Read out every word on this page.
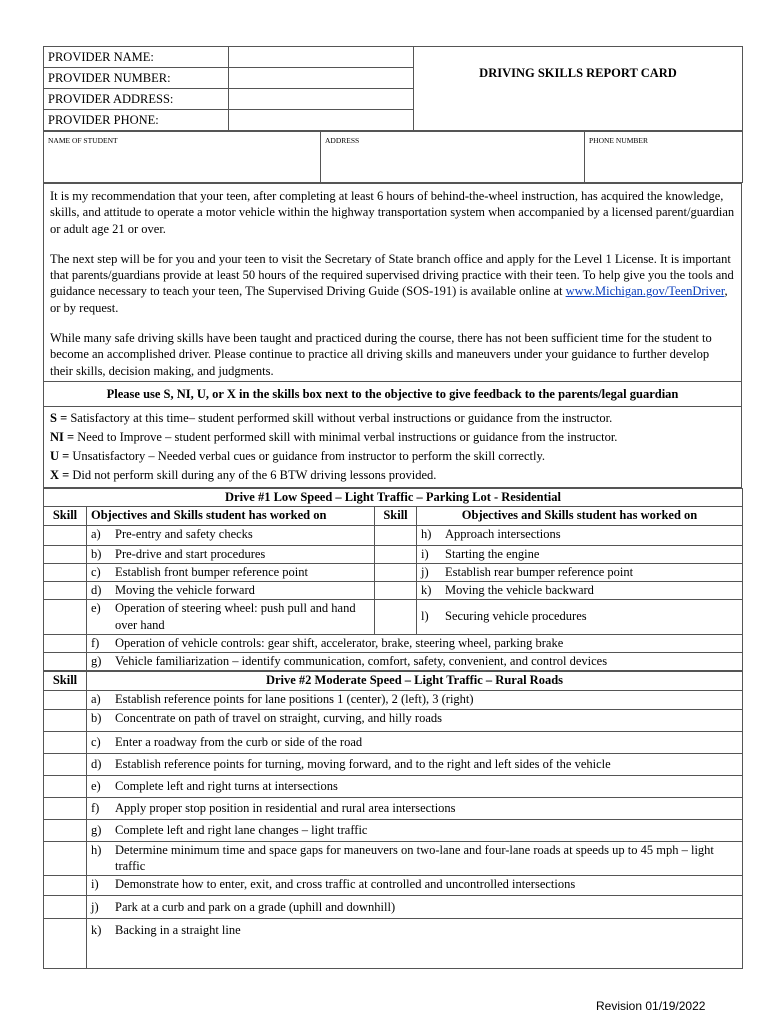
PROVIDER NAME:		DRIVING SKILLS REPORT CARD
PROVIDER NUMBER:		
PROVIDER ADDRESS:		
PROVIDER PHONE:		
NAME OF STUDENT	ADDRESS	PHONE NUMBER

It is my recommendation that your teen, after completing at least 6 hours of behind-the-wheel instruction, has acquired the knowledge, skills, and attitude to operate a motor vehicle within the highway transportation system when accompanied by a licensed parent/guardian or adult age 21 or over.

The next step will be for you and your teen to visit the Secretary of State branch office and apply for the Level 1 License. It is important that parents/guardians provide at least 50 hours of the required supervised driving practice with their teen. To help give you the tools and guidance necessary to teach your teen, The Supervised Driving Guide (SOS-191) is available online at www.Michigan.gov/TeenDriver, or by request.

While many safe driving skills have been taught and practiced during the course, there has not been sufficient time for the student to become an accomplished driver. Please continue to practice all driving skills and maneuvers under your guidance to further develop their skills, decision making, and judgments.

Please use S, NI, U, or X in the skills box next to the objective to give feedback to the parents/legal guardian

S = Satisfactory at this time– student performed skill without verbal instructions or guidance from the instructor.
NI = Need to Improve – student performed skill with minimal verbal instructions or guidance from the instructor.
U = Unsatisfactory – Needed verbal cues or guidance from instructor to perform the skill correctly.
X = Did not perform skill during any of the 6 BTW driving lessons provided.
Drive #1 Low Speed – Light Traffic – Parking Lot - Residential			
Skill	Objectives and Skills student has worked on	Skill	Objectives and Skills student has worked on

	a) Pre-entry and safety checks		h) Approach intersections

	b) Pre-drive and start procedures		i) Starting the engine

	c) Establish front bumper reference point		j) Establish rear bumper reference point

	d) Moving the vehicle forward		k) Moving the vehicle backward

	e) Operation of steering wheel: push pull and hand over hand		l) Securing vehicle procedures

	f) Operation of vehicle controls: gear shift, accelerator, brake, steering wheel, parking brake		

	g) Vehicle familiarization – identify communication, comfort, safety, convenient, and control devices		
Skill	Drive #2 Moderate Speed – Light Traffic – Rural Roads

	a) Establish reference points for lane positions 1 (center), 2 (left), 3 (right)

	b) Concentrate on path of travel on straight, curving, and hilly roads

	c) Enter a roadway from the curb or side of the road

	d) Establish reference points for turning, moving forward, and to the right and left sides of the vehicle

	e) Complete left and right turns at intersections

	f) Apply proper stop position in residential and rural area intersections

	g) Complete left and right lane changes – light traffic

	h) Determine minimum time and space gaps for maneuvers on two-lane and four-lane roads at speeds up to 45 mph – light traffic

	i) Demonstrate how to enter, exit, and cross traffic at controlled and uncontrolled intersections

	j) Park at a curb and park on a grade (uphill and downhill)

	k) Backing in a straight line
Revision 01/19/2022
